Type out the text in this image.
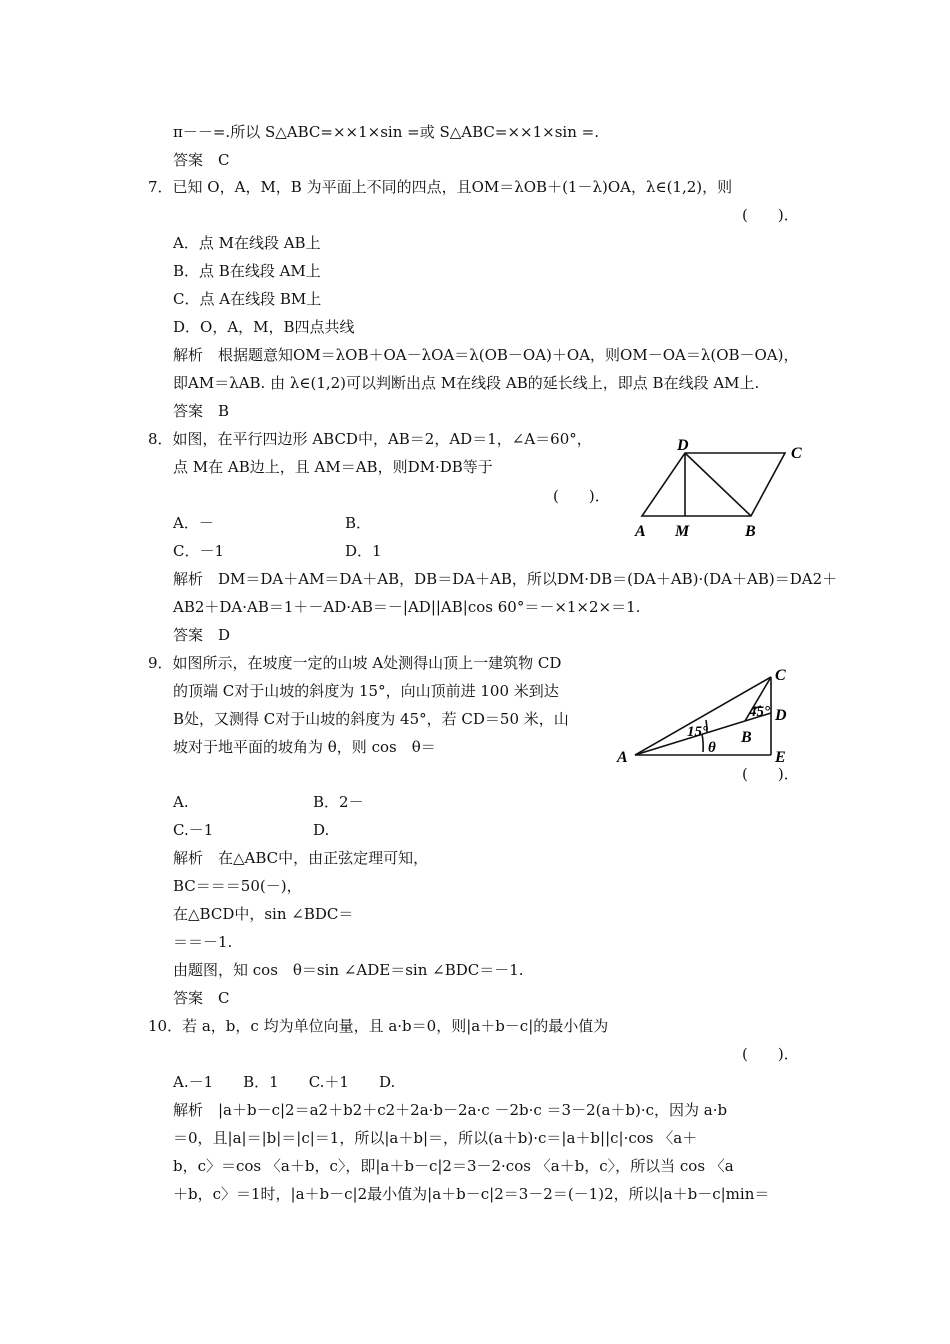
π－－=.所以 S△ABC=××1×sin =或 S△ABC=××1×sin =.
答案　C
7．已知 O，A，M，B 为平面上不同的四点，且OM＝λOB＋(1－λ)OA，λ∈(1,2)，则
(　　)．
A．点 M在线段 AB上
B．点 B在线段 AM上
C．点 A在线段 BM上
D．O，A，M，B四点共线
解析　根据题意知OM＝λOB＋OA－λOA＝λ(OB－OA)＋OA，则OM－OA＝λ(OB－OA)，
即AM＝λAB. 由 λ∈(1,2)可以判断出点 M在线段 AB的延长线上，即点 B在线段 AM上.
答案　B
8．如图，在平行四边形 ABCD中，AB＝2，AD＝1，∠A＝60°，
点 M在 AB边上，且 AM＝AB，则DM·DB等于
(　　)．
A．－	B．
C．－1	D．1
解析　DM＝DA＋AM＝DA＋AB，DB＝DA＋AB，所以DM·DB＝(DA＋AB)·(DA＋AB)＝DA2＋
AB2＋DA·AB＝1＋－AD·AB＝－|AD||AB|cos 60°＝－×1×2×＝1.
答案　D
9．如图所示，在坡度一定的山坡 A处测得山顶上一建筑物 CD
的顶端 C对于山坡的斜度为 15°，向山顶前进 100 米到达
B处，又测得 C对于山坡的斜度为 45°，若 CD＝50 米，山
坡对于地平面的坡角为 θ，则 cos　θ＝
(　　)．
A.	B．2－
C.－1	D.
解析　在△ABC中，由正弦定理可知，
BC＝＝＝50(－)，
在△BCD中，sin ∠BDC＝
＝＝－1.
由题图，知 cos　θ＝sin ∠ADE＝sin ∠BDC＝－1.
答案　C
10．若 a，b，c 均为单位向量，且 a·b＝0，则|a＋b－c|的最小值为
(　　)．
A.－1　　B．1　　C.＋1　　D.
解析　|a＋b－c|2＝a2＋b2＋c2＋2a·b－2a·c －2b·c ＝3－2(a＋b)·c，因为 a·b
＝0，且|a|＝|b|＝|c|＝1，所以|a＋b|＝，所以(a＋b)·c＝|a＋b||c|·cos 〈a＋
b，c〉＝cos 〈a＋b，c〉，即|a＋b－c|2＝3－2·cos 〈a＋b，c〉，所以当 cos 〈a
＋b，c〉＝1时，|a＋b－c|2最小值为|a＋b－c|2＝3－2＝(－1)2，所以|a＋b－c|min＝
A M	B
C
D
A
B
C
D
E
15°
45°
θ
